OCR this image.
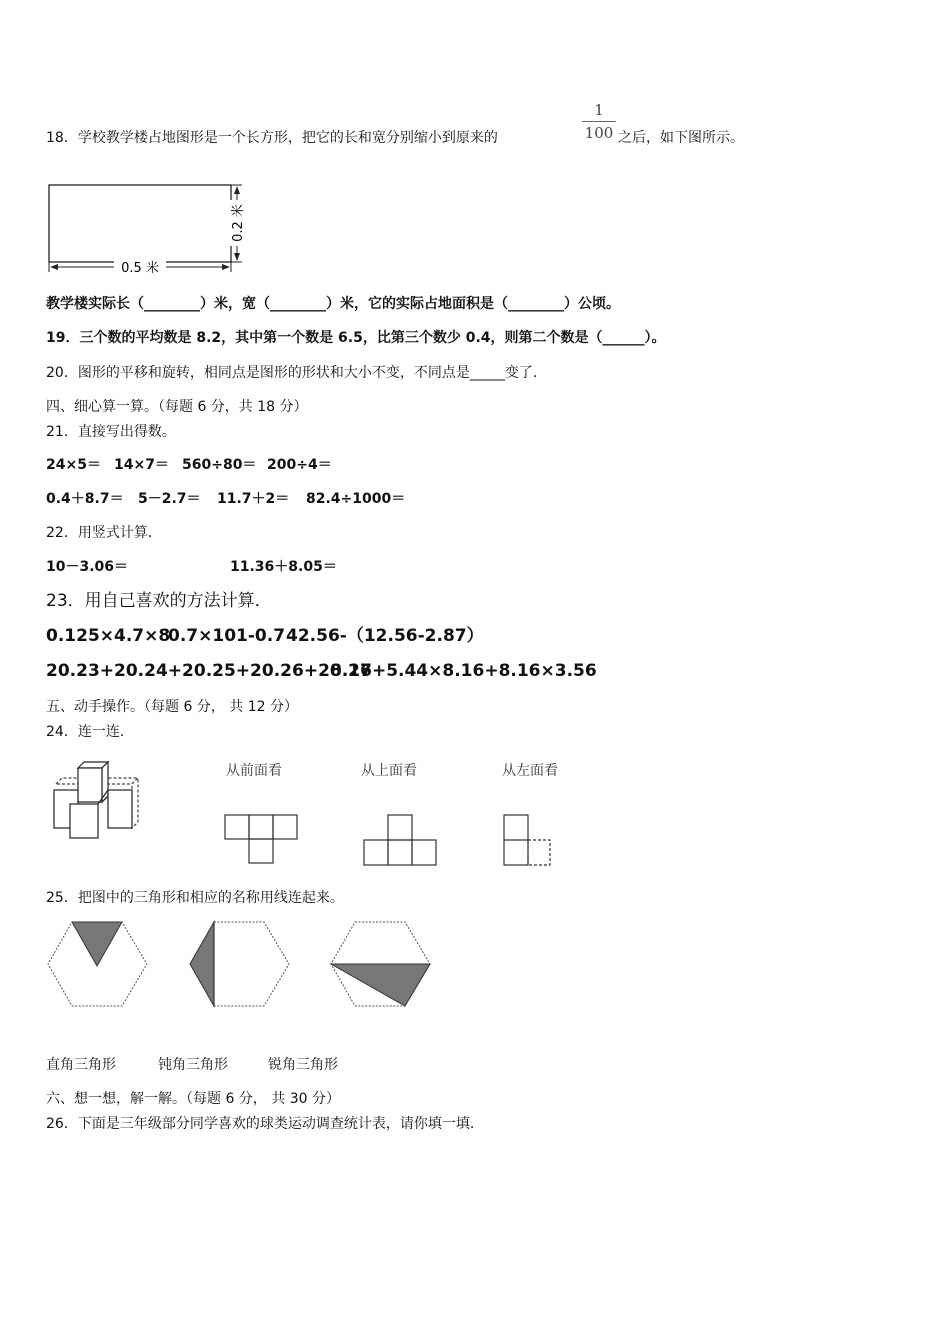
18．学校教学楼占地图形是一个长方形，把它的长和宽分别缩小到原来的
1
100 之后，如下图所示。
0.5 米
0.2 米
教学楼实际长（________）米，宽（________）米，它的实际占地面积是（________）公顷。
19．三个数的平均数是 8.2，其中第一个数是 6.5，比第三个数少 0.4，则第二个数是（______）。
20．图形的平移和旋转，相同点是图形的形状和大小不变，不同点是_____变了．
四、细心算一算。（每题 6 分，共 18 分）
21．直接写出得数。
24×5＝ 14×7＝ 560÷80＝ 200÷4＝
0.4＋8.7＝ 5－2.7＝ 11.7＋2＝ 82.4÷1000＝
22．用竖式计算．
10－3.06＝	11.36＋8.05＝
23．用自己喜欢的方法计算．
0.125×4.7×8
0.7×101-0.7 42.56-（12.56-2.87）
20.23+20.24+20.25+20.26+20.27
8.16+5.44×8.16+8.16×3.56
五、动手操作。（每题 6 分， 共 12 分）
24．连一连.
从前面看	从上面看	从左面看
25．把图中的三角形和相应的名称用线连起来。
直角三角形	钝角三角形	锐角三角形
六、想一想，解一解。（每题 6 分， 共 30 分）
26．下面是三年级部分同学喜欢的球类运动调查统计表，请你填一填.
